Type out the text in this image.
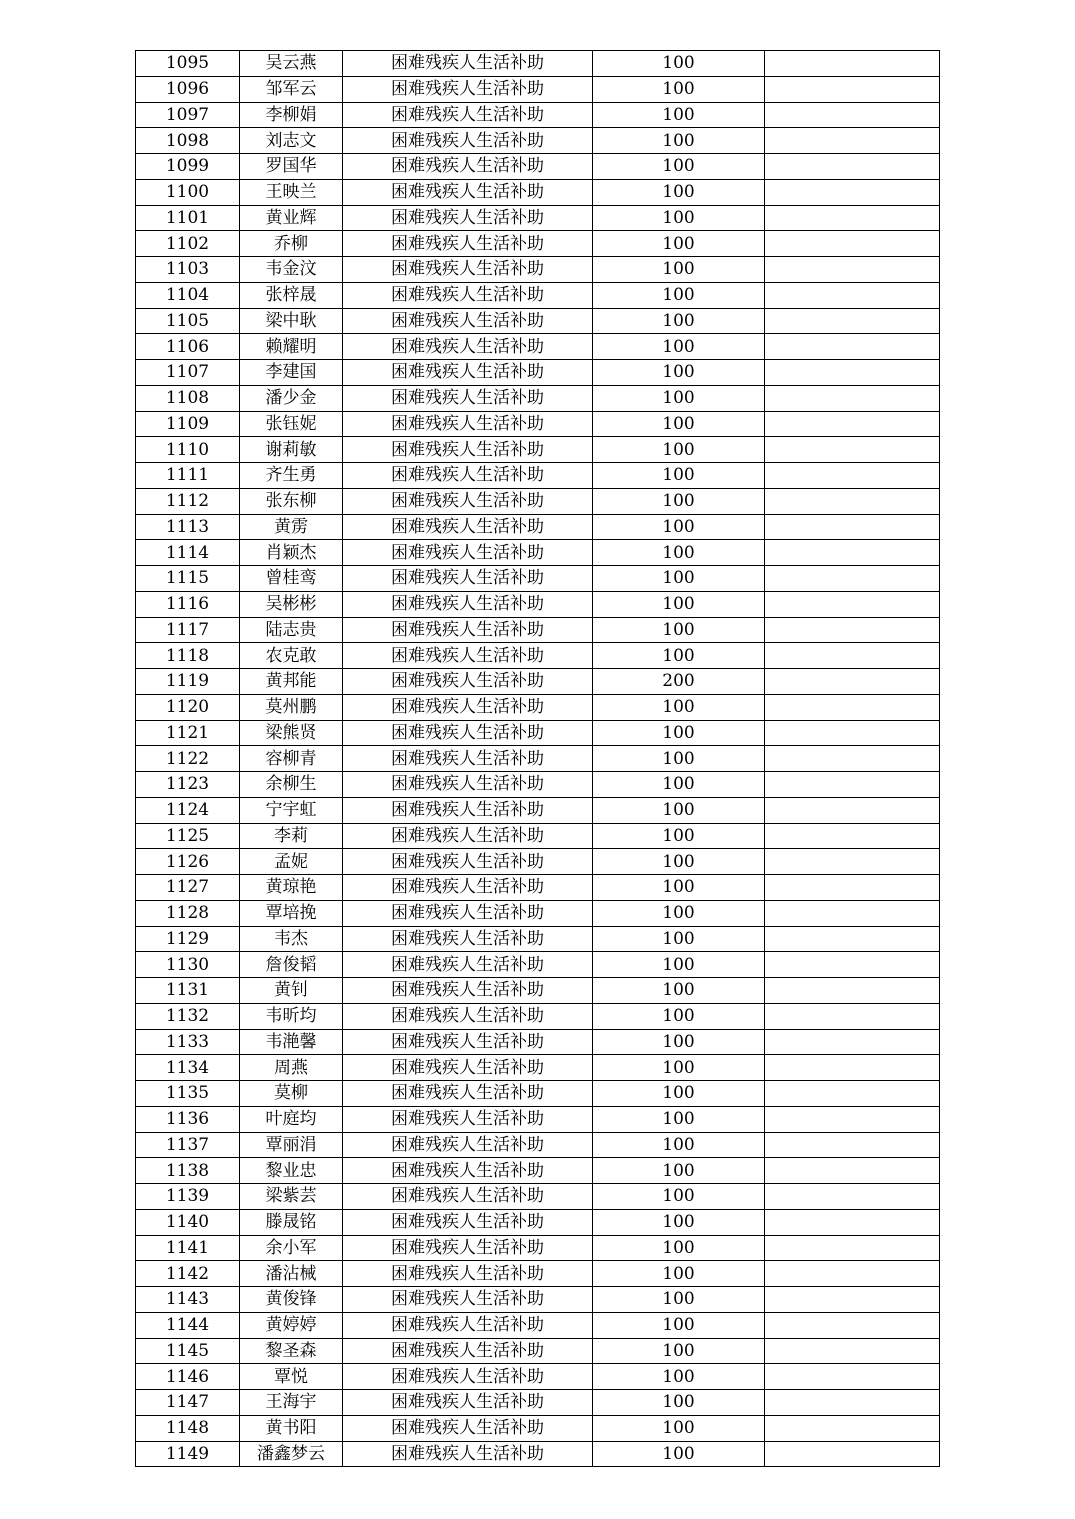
1095	吴云燕	困难残疾人生活补助	100	
1096	邹军云	困难残疾人生活补助	100	
1097	李柳娟	困难残疾人生活补助	100	
1098	刘志文	困难残疾人生活补助	100	
1099	罗国华	困难残疾人生活补助	100	
1100	王映兰	困难残疾人生活补助	100	
1101	黄业辉	困难残疾人生活补助	100	
1102	乔柳	困难残疾人生活补助	100	
1103	韦金汶	困难残疾人生活补助	100	
1104	张梓晟	困难残疾人生活补助	100	
1105	梁中耿	困难残疾人生活补助	100	
1106	赖耀明	困难残疾人生活补助	100	
1107	李建国	困难残疾人生活补助	100	
1108	潘少金	困难残疾人生活补助	100	
1109	张钰妮	困难残疾人生活补助	100	
1110	谢莉敏	困难残疾人生活补助	100	
1111	齐生勇	困难残疾人生活补助	100	
1112	张东柳	困难残疾人生活补助	100	
1113	黄雳	困难残疾人生活补助	100	
1114	肖颖杰	困难残疾人生活补助	100	
1115	曾桂鸾	困难残疾人生活补助	100	
1116	吴彬彬	困难残疾人生活补助	100	
1117	陆志贵	困难残疾人生活补助	100	
1118	农克敢	困难残疾人生活补助	100	
1119	黄邦能	困难残疾人生活补助	200	
1120	莫州鹏	困难残疾人生活补助	100	
1121	梁熊贤	困难残疾人生活补助	100	
1122	容柳青	困难残疾人生活补助	100	
1123	余柳生	困难残疾人生活补助	100	
1124	宁宇虹	困难残疾人生活补助	100	
1125	李莉	困难残疾人生活补助	100	
1126	孟妮	困难残疾人生活补助	100	
1127	黄琼艳	困难残疾人生活补助	100	
1128	覃培挽	困难残疾人生活补助	100	
1129	韦杰	困难残疾人生活补助	100	
1130	詹俊韬	困难残疾人生活补助	100	
1131	黄钊	困难残疾人生活补助	100	
1132	韦昕均	困难残疾人生活补助	100	
1133	韦滟馨	困难残疾人生活补助	100	
1134	周燕	困难残疾人生活补助	100	
1135	莫柳	困难残疾人生活补助	100	
1136	叶庭均	困难残疾人生活补助	100	
1137	覃丽涓	困难残疾人生活补助	100	
1138	黎业忠	困难残疾人生活补助	100	
1139	梁紫芸	困难残疾人生活补助	100	
1140	滕晟铭	困难残疾人生活补助	100	
1141	余小军	困难残疾人生活补助	100	
1142	潘沾械	困难残疾人生活补助	100	
1143	黄俊锋	困难残疾人生活补助	100	
1144	黄婷婷	困难残疾人生活补助	100	
1145	黎圣森	困难残疾人生活补助	100	
1146	覃悦	困难残疾人生活补助	100	
1147	王海宇	困难残疾人生活补助	100	
1148	黄书阳	困难残疾人生活补助	100	
1149	潘鑫梦云	困难残疾人生活补助	100	
